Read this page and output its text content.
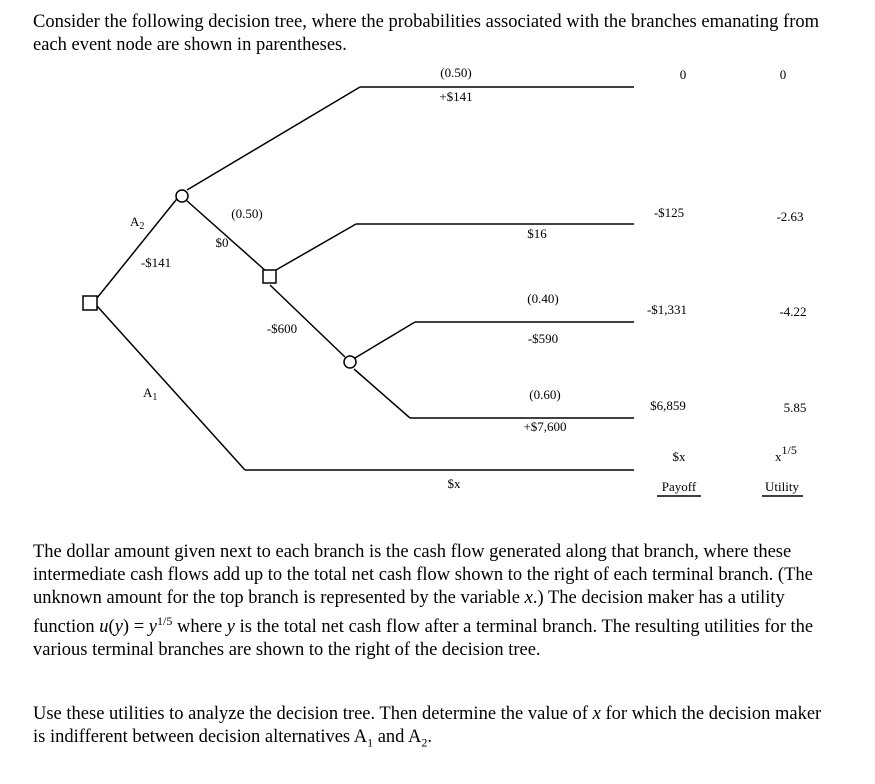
Consider the following decision tree, where the probabilities associated with the branches emanating from each event node are shown in parentheses.

(0.50)
+$141
0	0
$A_2$
-$141
(0.50)
$0
$16
-$125	-2.63
-$600
(0.40)
-$590
-$1,331	-4.22
(0.60)
+$7,600
$6,859	5.85
$A_1$
$x
$x	x1/5
Payoff	Utility

The dollar amount given next to each branch is the cash flow generated along that branch, where these intermediate cash flows add up to the total net cash flow shown to the right of each terminal branch. (The unknown amount for the top branch is represented by the variable x.) The decision maker has a utility function $u(y) = y^{1/5}$ where y is the total net cash flow after a terminal branch. The resulting utilities for the various terminal branches are shown to the right of the decision tree.

Use these utilities to analyze the decision tree. Then determine the value of x for which the decision maker is indifferent between decision alternatives $A_1$ and $A_2$.
